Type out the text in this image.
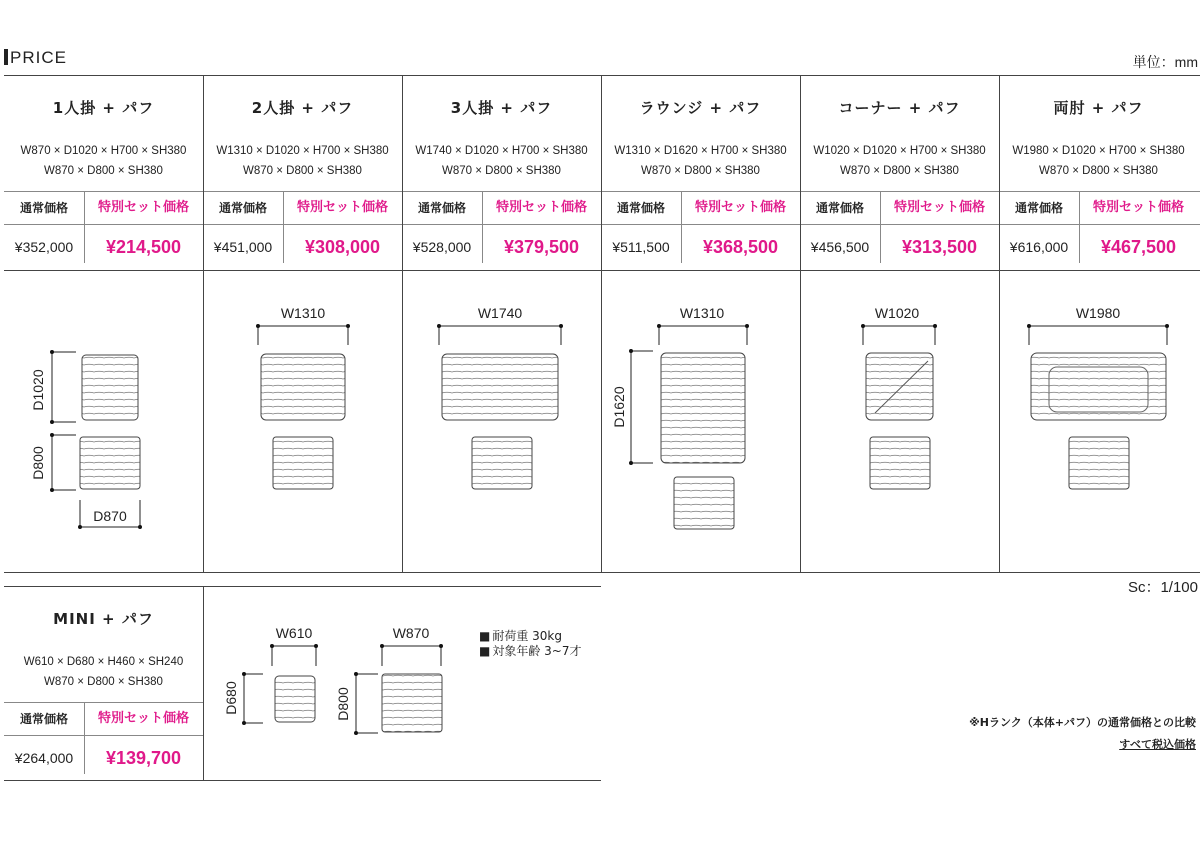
PRICE	単位：mm
1人掛 + パフ
W870 × D1020 × H700 × SH380
W870 × D800 × SH380
通常価格	特別セット価格
¥352,000	¥214,500
D1020
D800
D870
2人掛 + パフ
W1310 × D1020 × H700 × SH380
W870 × D800 × SH380
通常価格	特別セット価格
¥451,000	¥308,000
W1310
3人掛 + パフ
W1740 × D1020 × H700 × SH380
W870 × D800 × SH380
通常価格	特別セット価格
¥528,000	¥379,500
W1740
ラウンジ + パフ
W1310 × D1620 × H700 × SH380
W870 × D800 × SH380
通常価格	特別セット価格
¥511,500	¥368,500
W1310
D1620
コーナー + パフ
W1020 × D1020 × H700 × SH380
W870 × D800 × SH380
通常価格	特別セット価格
¥456,500	¥313,500
W1020
両肘 + パフ
W1980 × D1020 × H700 × SH380
W870 × D800 × SH380
通常価格	特別セット価格
¥616,000	¥467,500
W1980
Sc：1/100
MINI + パフ
W610 × D680 × H460 × SH240
W870 × D800 × SH380
通常価格	特別セット価格
¥264,000	¥139,700
W610
D680
W870
D800
■ 耐荷重 30kg
■ 対象年齢 3~7才
※Hランク（本体+パフ）の通常価格との比較
すべて税込価格
